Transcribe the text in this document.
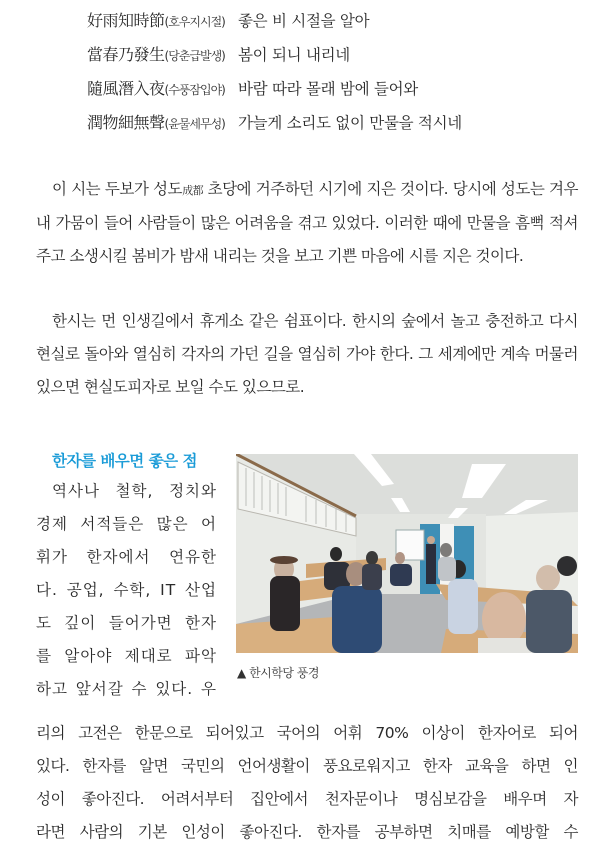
好雨知時節(호우지시절) 좋은 비 시절을 알아
當春乃發生(당춘급발생) 봄이 되니 내리네
隨風潛入夜(수풍잠입야) 바람 따라 몰래 밤에 들어와
潤物細無聲(윤물세무성) 가늘게 소리도 없이 만물을 적시네

이 시는 두보가 성도成都 초당에 거주하던 시기에 지은 것이다. 당시에 성도는 겨우내 가뭄이 들어 사람들이 많은 어려움을 겪고 있었다. 이러한 때에 만물을 흠뻑 적셔주고 소생시킬 봄비가 밤새 내리는 것을 보고 기쁜 마음에 시를 지은 것이다.

한시는 먼 인생길에서 휴게소 같은 쉼표이다. 한시의 숲에서 놀고 충전하고 다시 현실로 돌아와 열심히 각자의 가던 길을 열심히 가야 한다. 그 세계에만 계속 머물러 있으면 현실도피자로 보일 수도 있으므로.

한자를 배우면 좋은 점
역사나 철학, 정치와
경제 서적들은 많은 어
휘가 한자에서 연유한
다. 공업, 수학, IT 산업
도 깊이 들어가면 한자
를 알아야 제대로 파악
하고 앞서갈 수 있다. 우
▲ 한시학당 풍경
리의 고전은 한문으로 되어있고 국어의 어휘 70% 이상이 한자어로 되어
있다. 한자를 알면 국민의 언어생활이 풍요로워지고 한자 교육을 하면 인
성이 좋아진다. 어려서부터 집안에서 천자문이나 명심보감을 배우며 자
라면 사람의 기본 인성이 좋아진다. 한자를 공부하면 치매를 예방할 수
